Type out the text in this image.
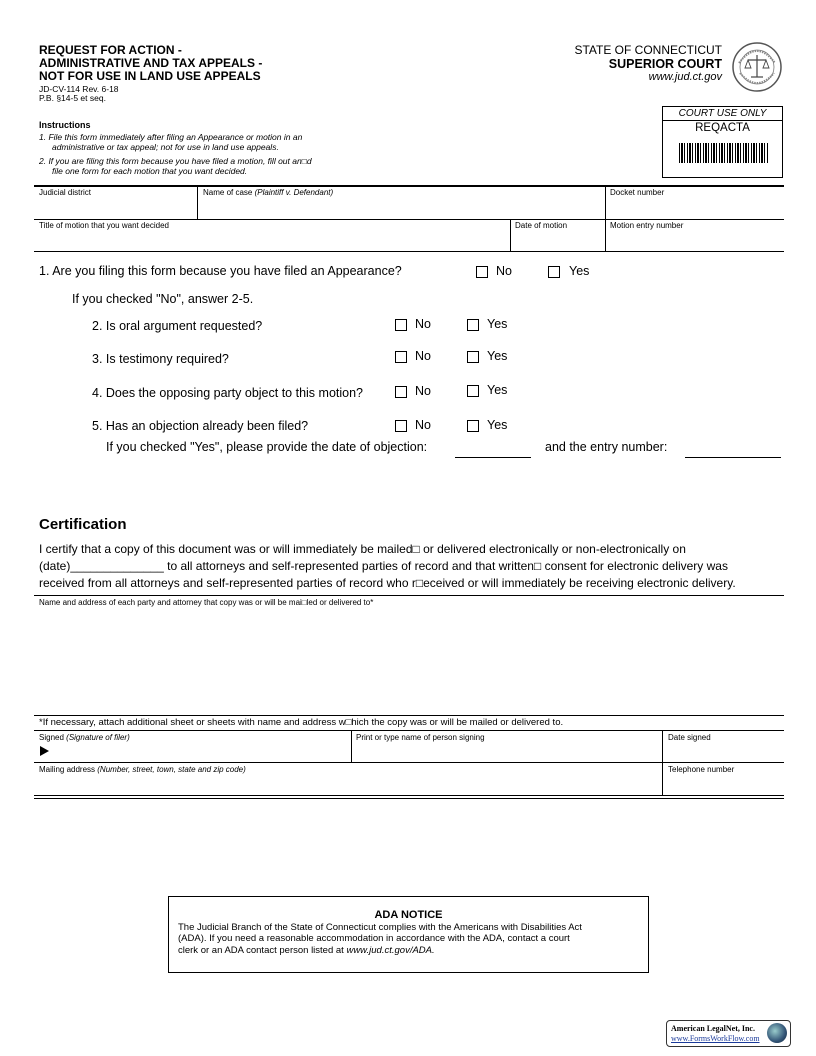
REQUEST FOR ACTION -
ADMINISTRATIVE AND TAX APPEALS -
NOT FOR USE IN LAND USE APPEALS
JD-CV-114 Rev. 6-18
P.B. §14-5 et seq.
STATE OF CONNECTICUT
SUPERIOR COURT
www.jud.ct.gov
COURT USE ONLY
REQACTA
Instructions
1. File this form immediately after filing an Appearance or motion in an
administrative or tax appeal; not for use in land use appeals.
2. If you are filing this form because you have filed a motion, fill out an□d
file one form for each motion that you want decided.
Judicial district	Name of case (Plaintiff v. Defendant)	Docket number
Title of motion that you want decided	Date of motion	Motion entry number
1. Are you filing this form because you have filed an Appearance?	No	Yes
If you checked "No", answer 2-5.
2. Is oral argument requested?	No	Yes
3. Is testimony required?	No	Yes
4. Does the opposing party object to this motion?	No	Yes
5. Has an objection already been filed?	No	Yes
If you checked "Yes", please provide the date of objection:	and the entry number:
Certification
I certify that a copy of this document was or will immediately be mailed□ or delivered electronically or non-electronically on
(date)______________ to all attorneys and self-represented parties of record and that written□ consent for electronic delivery was
received from all attorneys and self-represented parties of record who r□eceived or will immediately be receiving electronic delivery.
Name and address of each party and attorney that copy was or will be mai□led or delivered to*
*If necessary, attach additional sheet or sheets with name and address w□hich the copy was or will be mailed or delivered to.
Signed (Signature of filer)	Print or type name of person signing	Date signed
Mailing address (Number, street, town, state and zip code)	Telephone number
ADA NOTICE
The Judicial Branch of the State of Connecticut complies with the Americans with Disabilities Act
(ADA). If you need a reasonable accommodation in accordance with the ADA, contact a court
clerk or an ADA contact person listed at www.jud.ct.gov/ADA.
American LegalNet, Inc.
www.FormsWorkFlow.com
